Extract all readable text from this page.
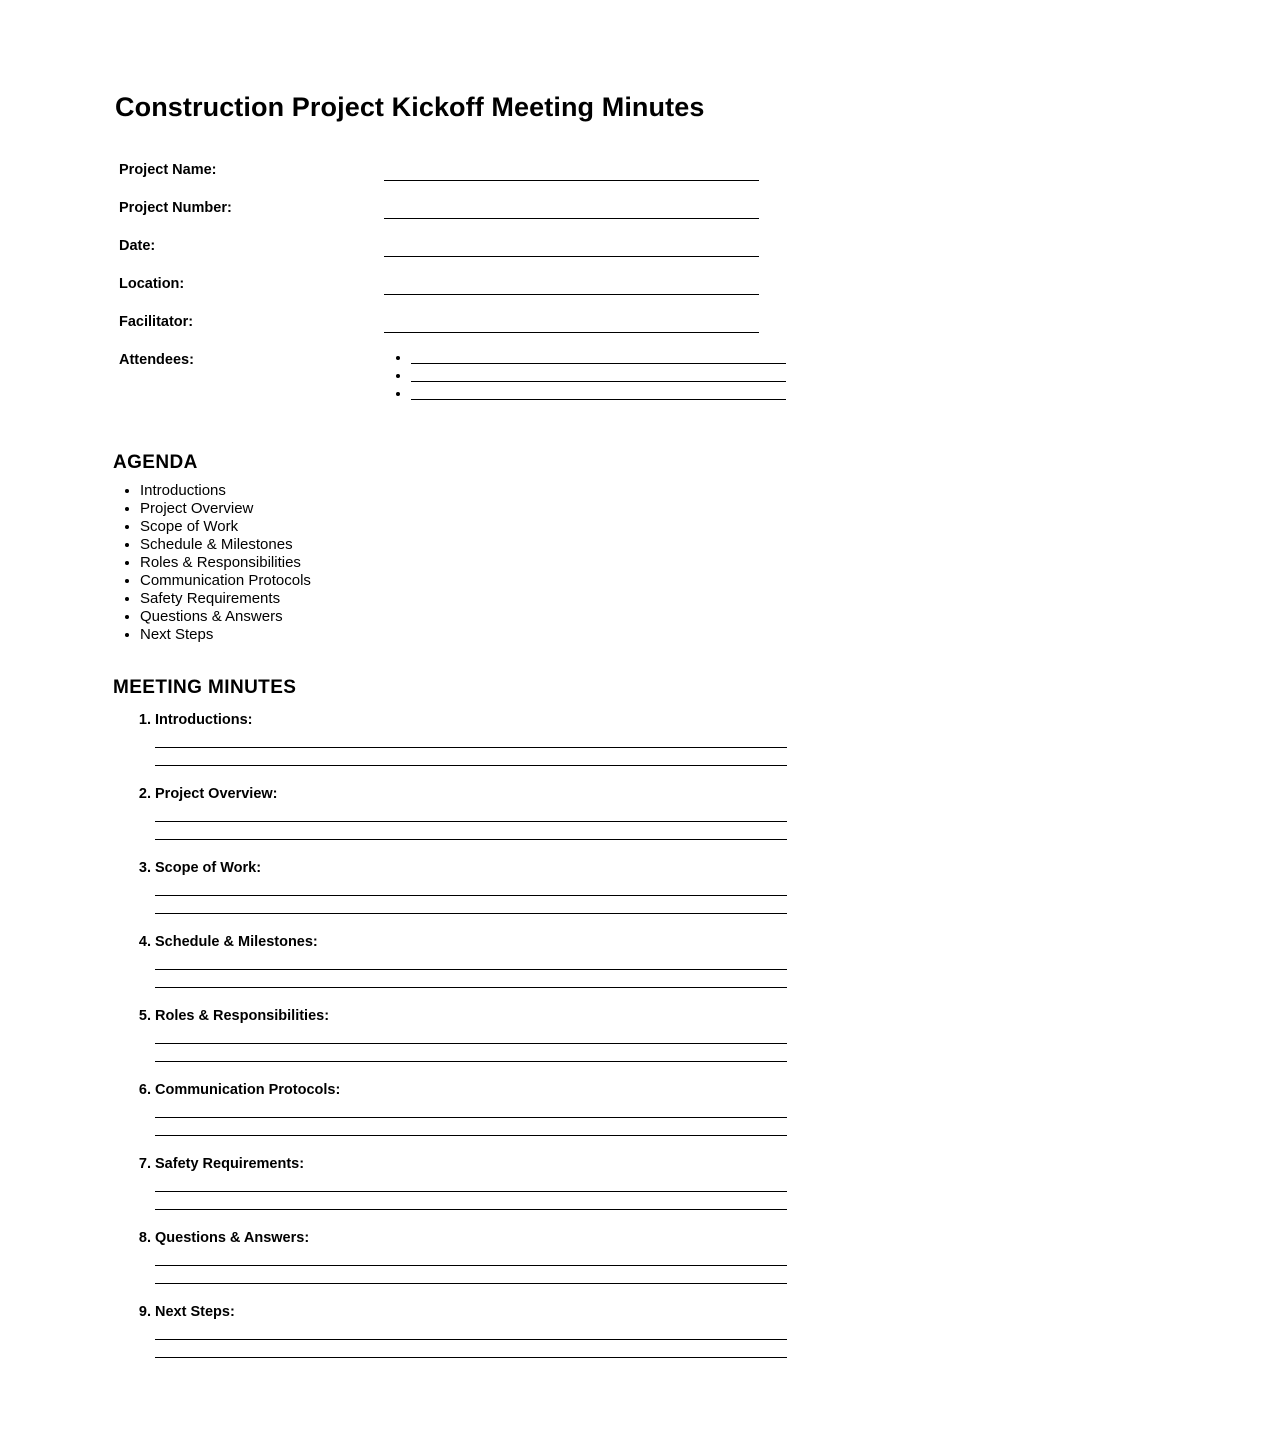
Construction Project Kickoff Meeting Minutes
Project Name:
Project Number:
Date:
Location:
Facilitator:
Attendees:
•
•
•
AGENDA
• Introductions
• Project Overview
• Scope of Work
• Schedule & Milestones
• Roles & Responsibilities
• Communication Protocols
• Safety Requirements
• Questions & Answers
• Next Steps
MEETING MINUTES
1. Introductions:
2. Project Overview:
3. Scope of Work:
4. Schedule & Milestones:
5. Roles & Responsibilities:
6. Communication Protocols:
7. Safety Requirements:
8. Questions & Answers:
9. Next Steps:
